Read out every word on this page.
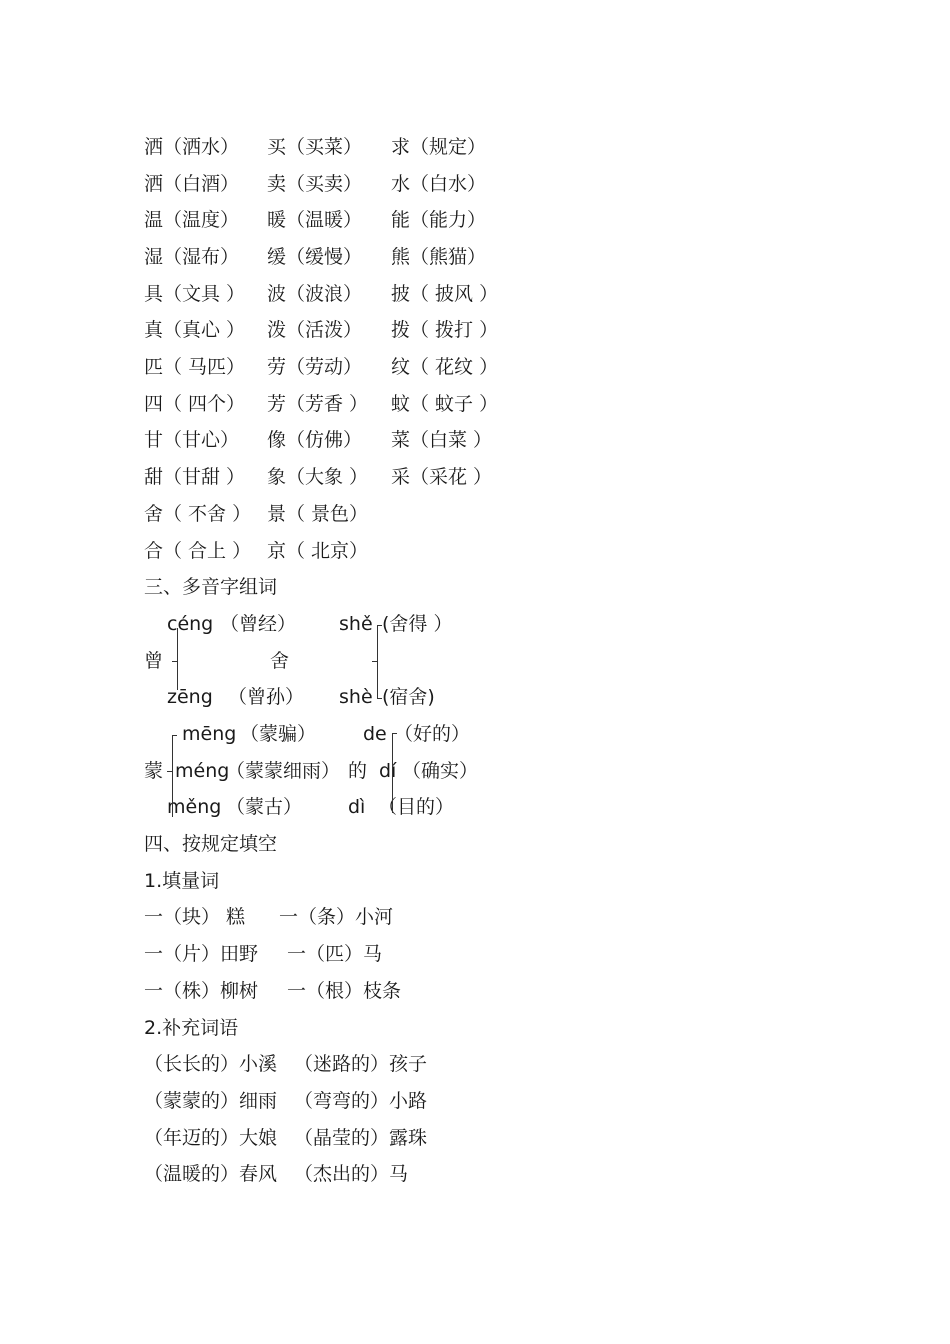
洒（洒水） 买（买菜） 求（规定）
洒（白酒） 卖（买卖） 水（白水）
温（温度） 暖（温暖） 能（能力）
湿（湿布） 缓（缓慢） 熊（熊猫）
具（文具 ） 波（波浪） 披（ 披风 ）
真（真心 ） 泼（活泼） 拨（ 拨打 ）
匹（ 马匹） 劳（劳动） 纹（ 花纹 ）
四（ 四个） 芳（芳香 ） 蚊（ 蚊子 ）
甘（甘心） 像（仿佛） 菜（白菜 ）
甜（甘甜 ） 象（大象 ） 采（采花 ）
舍（ 不舍 ） 景（ 景色）
合（ 合上 ） 京（ 北京）
三、多音字组词
céng （曾经）
曾
zēng （曾孙）
shě (舍得 ）
舍
shè (宿舍)
mēng （蒙骗）
蒙 méng
（蒙蒙细雨）
měng （蒙古）
de （好的）
的 dí （确实）
dì （目的）
四、按规定填空
1.填量词
一（块） 糕 一（条）小河
一（片）田野 一（匹）马
一（株）柳树 一（根）枝条
2.补充词语
（长长的）小溪 （迷路的）孩子
（蒙蒙的）细雨 （弯弯的）小路
（年迈的）大娘 （晶莹的）露珠
（温暖的）春风 （杰出的）马
